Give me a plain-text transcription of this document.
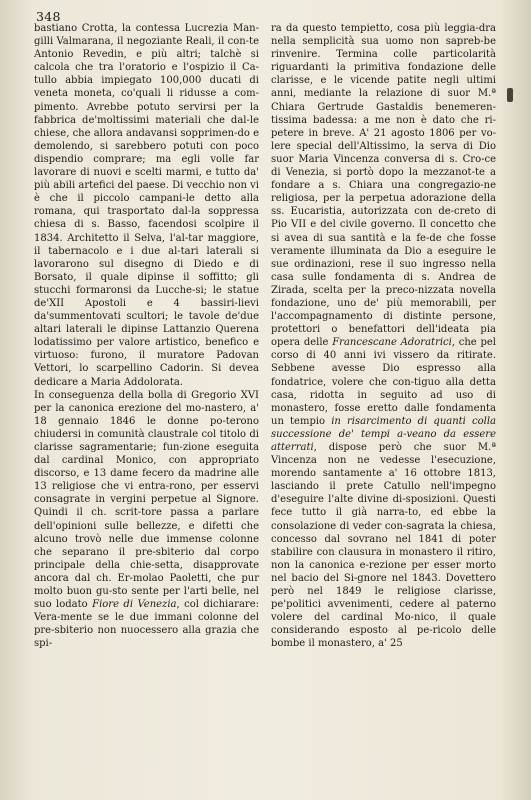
348

bastiano Crotta, la contessa Lucrezia Man-gilli Valmarana, il negoziante Reali, il con-te Antonio Revedin, e più altri; talchè si calcola che tra l'oratorio e l'ospizio il Ca-tullo abbia impiegato 100,000 ducati di veneta moneta, co'quali li ridusse a com-pimento. Avrebbe potuto servirsi per la fabbrica de'moltissimi materiali che dal-le chiese, che allora andavansi sopprimen-do e demolendo, si sarebbero potuti con poco dispendio comprare; ma egli volle far lavorare di nuovi e scelti marmi, e tutto da' più abili artefici del paese. Di vecchio non vi è che il piccolo campani-le detto alla romana, qui trasportato dal-la soppressa chiesa di s. Basso, facendosi scolpire il 1834. Architetto il Selva, l'al-tar maggiore, il tabernacolo e i due al-tari laterali si lavorarono sul disegno di Diedo e di Borsato, il quale dipinse il soffitto; gli stucchi formaronsi da Lucche-si; le statue de'XII Apostoli e 4 bassiri-lievi da'summentovati scultori; le tavole de'due altari laterali le dipinse Lattanzio Querena lodatissimo per valore artistico, benefico e virtuoso: furono, il muratore Padovan Vettori, lo scarpellino Cadorin. Si devea dedicare a Maria Addolorata.

In conseguenza della bolla di Gregorio XVI per la canonica erezione del mo-nastero, a' 18 gennaio 1846 le donne po-terono chiudersi in comunità claustrale col titolo di clarisse sagramentarie; fun-zione eseguita dal cardinal Monico, con appropriato discorso, e 13 dame fecero da madrine alle 13 religiose che vi entra-rono, per esservi consagrate in vergini perpetue al Signore. Quindi il ch. scrit-tore passa a parlare dell'opinioni sulle bellezze, e difetti che alcuno trovò nelle due immense colonne che separano il pre-sbiterio dal corpo principale della chie-setta, disapprovate ancora dal ch. Er-molao Paoletti, che pur molto buon gu-sto sente per l'arti belle, nel suo lodato Fiore di Venezia, col dichiarare: Vera-mente se le due immani colonne del pre-sbiterio non nuocessero alla grazia che spi-

ra da questo tempietto, cosa più leggia-dra nella semplicità sua uomo non sapreb-be rinvenire. Termina colle particolarità riguardanti la primitiva fondazione delle clarisse, e le vicende patite negli ultimi anni, mediante la relazione di suor M.ª Chiara Gertrude Gastaldis benemeren-tissima badessa: a me non è dato che ri-petere in breve. A' 21 agosto 1806 per vo-lere special dell'Altissimo, la serva di Dio suor Maria Vincenza conversa di s. Cro-ce di Venezia, si portò dopo la mezzanot-te a fondare a s. Chiara una congregazio-ne religiosa, per la perpetua adorazione della ss. Eucaristia, autorizzata con de-creto di Pio VII e del civile governo. Il concetto che si avea di sua santità e la fe-de che fosse veramente illuminata da Dio a eseguire le sue ordinazioni, rese il suo ingresso nella casa sulle fondamenta di s. Andrea de Zirada, scelta per la preco-nizzata novella fondazione, uno de' più memorabili, per l'accompagnamento di distinte persone, protettori o benefattori dell'ideata pia opera delle Francescane Adoratrici, che pel corso di 40 anni ivi vissero da ritirate. Sebbene avesse Dio espresso alla fondatrice, volere che con-tiguo alla detta casa, ridotta in seguito ad uso di monastero, fosse eretto dalle fondamenta un tempio in risarcimento di quanti colla successione de' tempi a-veano da essere atterrati, dispose però che suor M.ª Vincenza non ne vedesse l'esecuzione, morendo santamente a' 16 ottobre 1813, lasciando il prete Catullo nell'impegno d'eseguire l'alte divine di-sposizioni. Questi fece tutto il già narra-to, ed ebbe la consolazione di veder con-sagrata la chiesa, concesso dal sovrano nel 1841 di poter stabilire con clausura in monastero il ritiro, non la canonica e-rezione per esser morto nel bacio del Si-gnore nel 1843. Dovettero però nel 1849 le religiose clarisse, pe'politici avvenimenti, cedere al paterno volere del cardinal Mo-nico, il quale considerando esposto al pe-ricolo delle bombe il monastero, a' 25
